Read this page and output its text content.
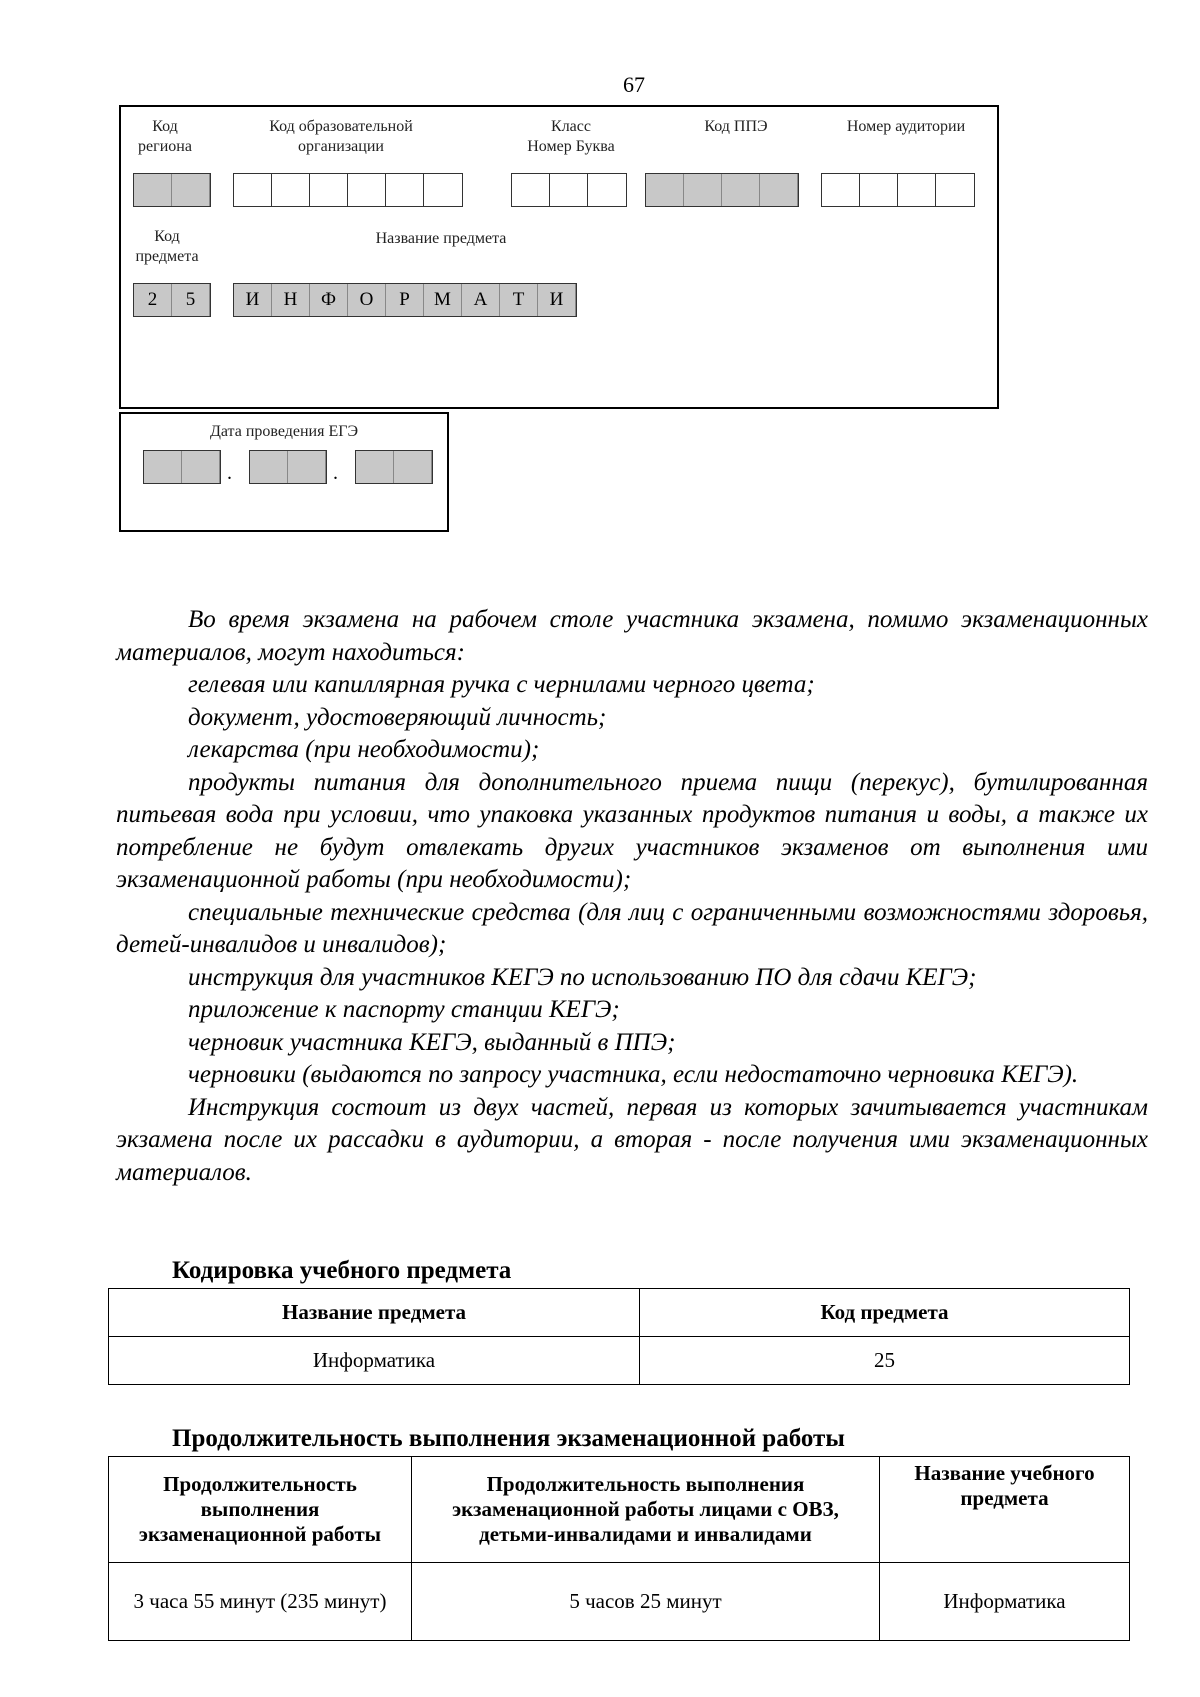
67
Код
региона
Код образовательной
организации
Класс
Номер Буква
Код ППЭ	Номер аудитории
Код
предмета
Название предмета
2	5	И	Н	Ф	О	Р	М	А	Т	И
Дата проведения ЕГЭ
.	.

Во время экзамена на рабочем столе участника экзамена, помимо экзаменационных материалов, могут находиться:

гелевая или капиллярная ручка с чернилами черного цвета;

документ, удостоверяющий личность;

лекарства (при необходимости);

продукты питания для дополнительного приема пищи (перекус), бутилированная питьевая вода при условии, что упаковка указанных продуктов питания и воды, а также их потребление не будут отвлекать других участников экзаменов от выполнения ими экзаменационной работы (при необходимости);

специальные технические средства (для лиц с ограниченными возможностями здоровья, детей-инвалидов и инвалидов);

инструкция для участников КЕГЭ по использованию ПО для сдачи КЕГЭ;

приложение к паспорту станции КЕГЭ;

черновик участника КЕГЭ, выданный в ППЭ;

черновики (выдаются по запросу участника, если недостаточно черновика КЕГЭ).

Инструкция состоит из двух частей, первая из которых зачитывается участникам экзамена после их рассадки в аудитории, а вторая - после получения ими экзаменационных материалов.

Кодировка учебного предмета
Название предмета	Код предмета
Информатика	25
Продолжительность выполнения экзаменационной работы
Продолжительность выполнения экзаменационной работы	Продолжительность выполнения экзаменационной работы лицами с ОВЗ, детьми-инвалидами и инвалидами	Название учебного предмета
3 часа 55 минут (235 минут)	5 часов 25 минут	Информатика
